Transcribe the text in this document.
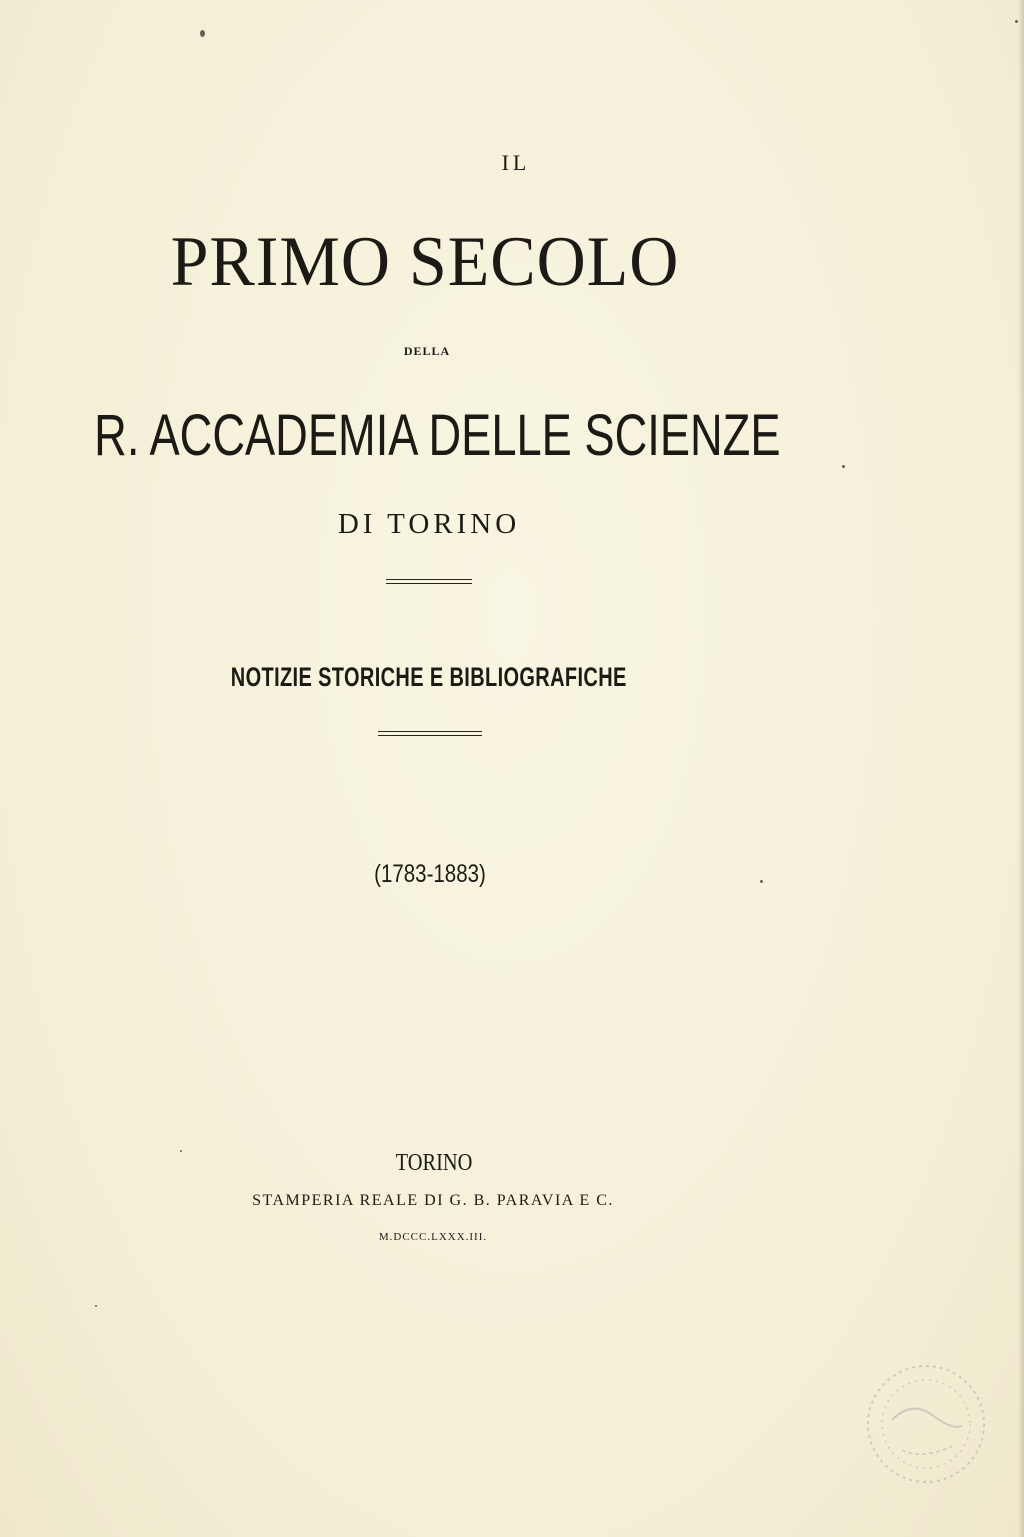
IL
PRIMO SECOLO
DELLA
R. ACCADEMIA DELLE SCIENZE
DI TORINO
NOTIZIE STORICHE E BIBLIOGRAFICHE
(1783-1883)
TORINO
STAMPERIA REALE DI G. B. PARAVIA E C.
M.DCCC.LXXX.III.
